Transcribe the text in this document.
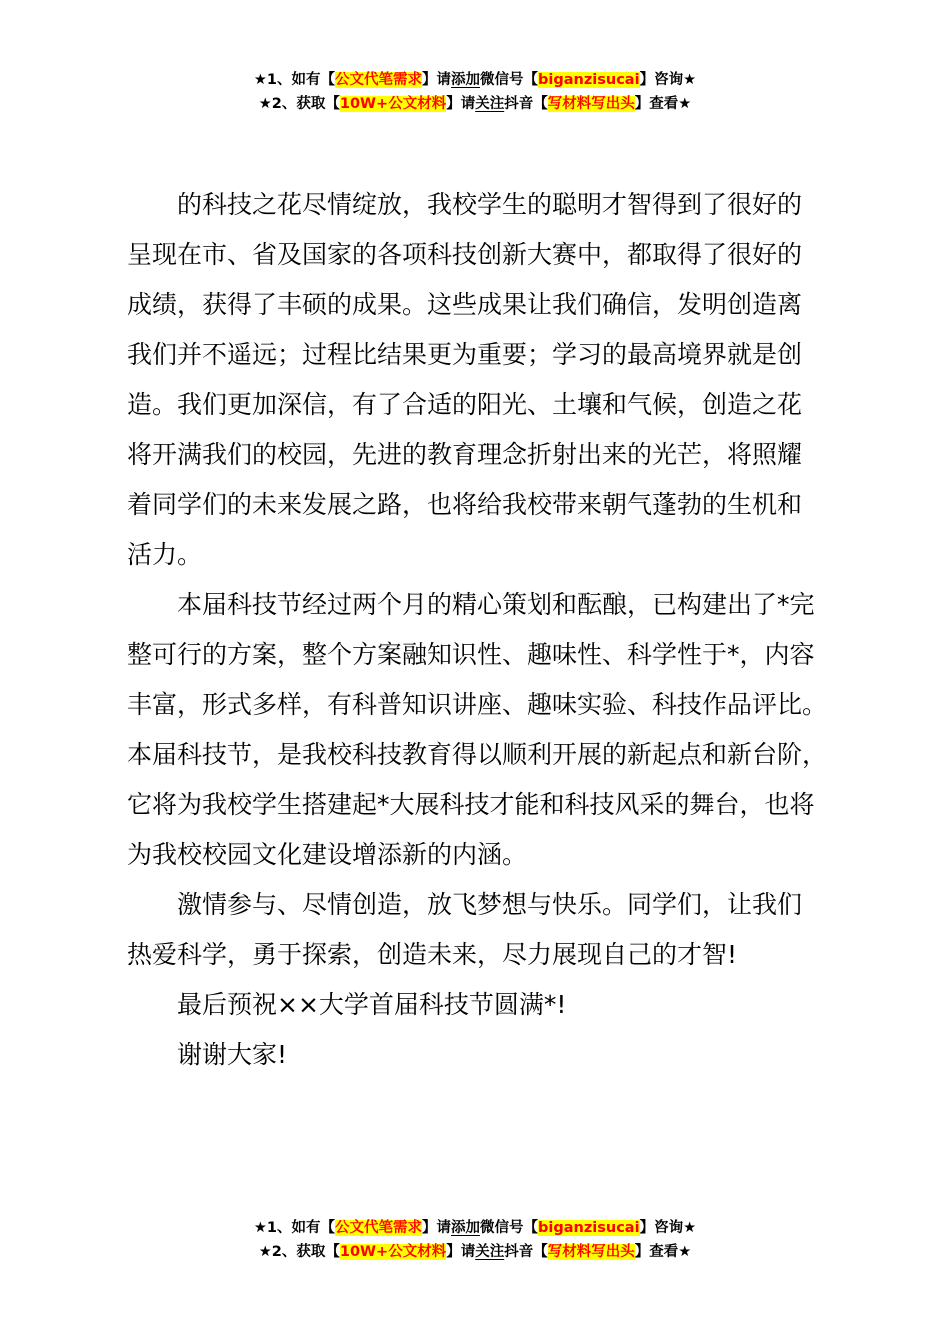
★1、如有【公文代笔需求】请添加微信号【biganzisucai】咨询★
★2、获取【10W+公文材料】请关注抖音【写材料写出头】查看★

的科技之花尽情绽放，我校学生的聪明才智得到了很好的

呈现在市、省及国家的各项科技创新大赛中，都取得了很好的

成绩，获得了丰硕的成果。这些成果让我们确信，发明创造离

我们并不遥远；过程比结果更为重要；学习的最高境界就是创

造。我们更加深信，有了合适的阳光、土壤和气候，创造之花

将开满我们的校园，先进的教育理念折射出来的光芒，将照耀

着同学们的未来发展之路，也将给我校带来朝气蓬勃的生机和

活力。

本届科技节经过两个月的精心策划和酝酿，已构建出了*完

整可行的方案，整个方案融知识性、趣味性、科学性于*，内容

丰富，形式多样，有科普知识讲座、趣味实验、科技作品评比。

本届科技节，是我校科技教育得以顺利开展的新起点和新台阶，

它将为我校学生搭建起*大展科技才能和科技风采的舞台，也将

为我校校园文化建设增添新的内涵。

激情参与、尽情创造，放飞梦想与快乐。同学们，让我们

热爱科学，勇于探索，创造未来，尽力展现自己的才智!

最后预祝××大学首届科技节圆满*!

谢谢大家!

★1、如有【公文代笔需求】请添加微信号【biganzisucai】咨询★
★2、获取【10W+公文材料】请关注抖音【写材料写出头】查看★
